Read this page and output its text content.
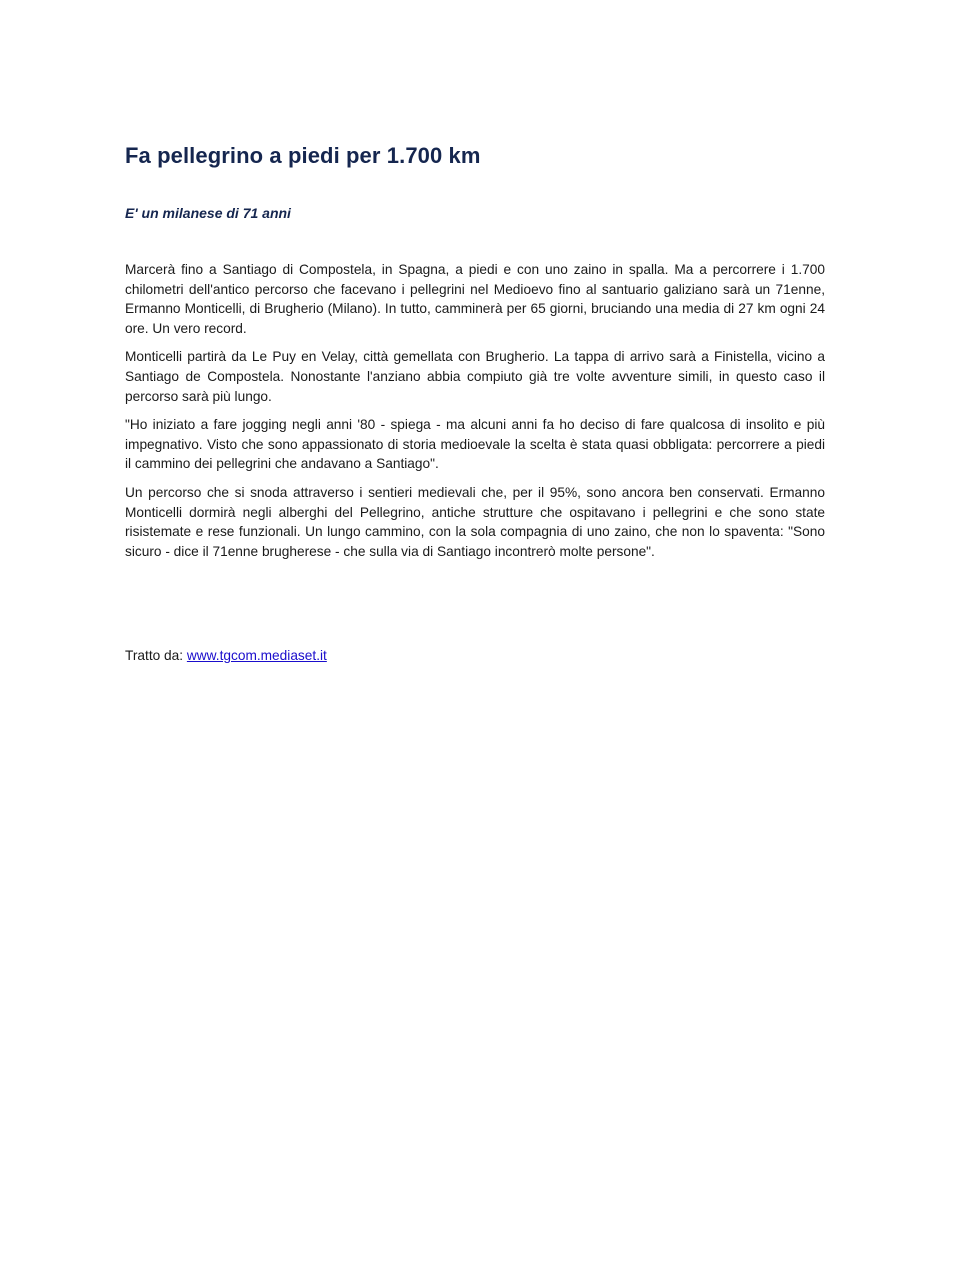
Fa pellegrino a piedi per 1.700 km
E' un milanese di 71 anni

Marcerà fino a Santiago di Compostela, in Spagna, a piedi e con uno zaino in spalla. Ma a percorrere i 1.700 chilometri dell'antico percorso che facevano i pellegrini nel Medioevo fino al santuario galiziano sarà un 71enne, Ermanno Monticelli, di Brugherio (Milano). In tutto, camminerà per 65 giorni, bruciando una media di 27 km ogni 24 ore. Un vero record.

Monticelli partirà da Le Puy en Velay, città gemellata con Brugherio. La tappa di arrivo sarà a Finistella, vicino a Santiago de Compostela. Nonostante l'anziano abbia compiuto già tre volte avventure simili, in questo caso il percorso sarà più lungo.

"Ho iniziato a fare jogging negli anni '80 - spiega - ma alcuni anni fa ho deciso di fare qualcosa di insolito e più impegnativo. Visto che sono appassionato di storia medioevale la scelta è stata quasi obbligata: percorrere a piedi il cammino dei pellegrini che andavano a Santiago".

Un percorso che si snoda attraverso i sentieri medievali che, per il 95%, sono ancora ben conservati. Ermanno Monticelli dormirà negli alberghi del Pellegrino, antiche strutture che ospitavano i pellegrini e che sono state risistemate e rese funzionali. Un lungo cammino, con la sola compagnia di uno zaino, che non lo spaventa: "Sono sicuro - dice il 71enne brugherese - che sulla via di Santiago incontrerò molte persone".

Tratto da: www.tgcom.mediaset.it
